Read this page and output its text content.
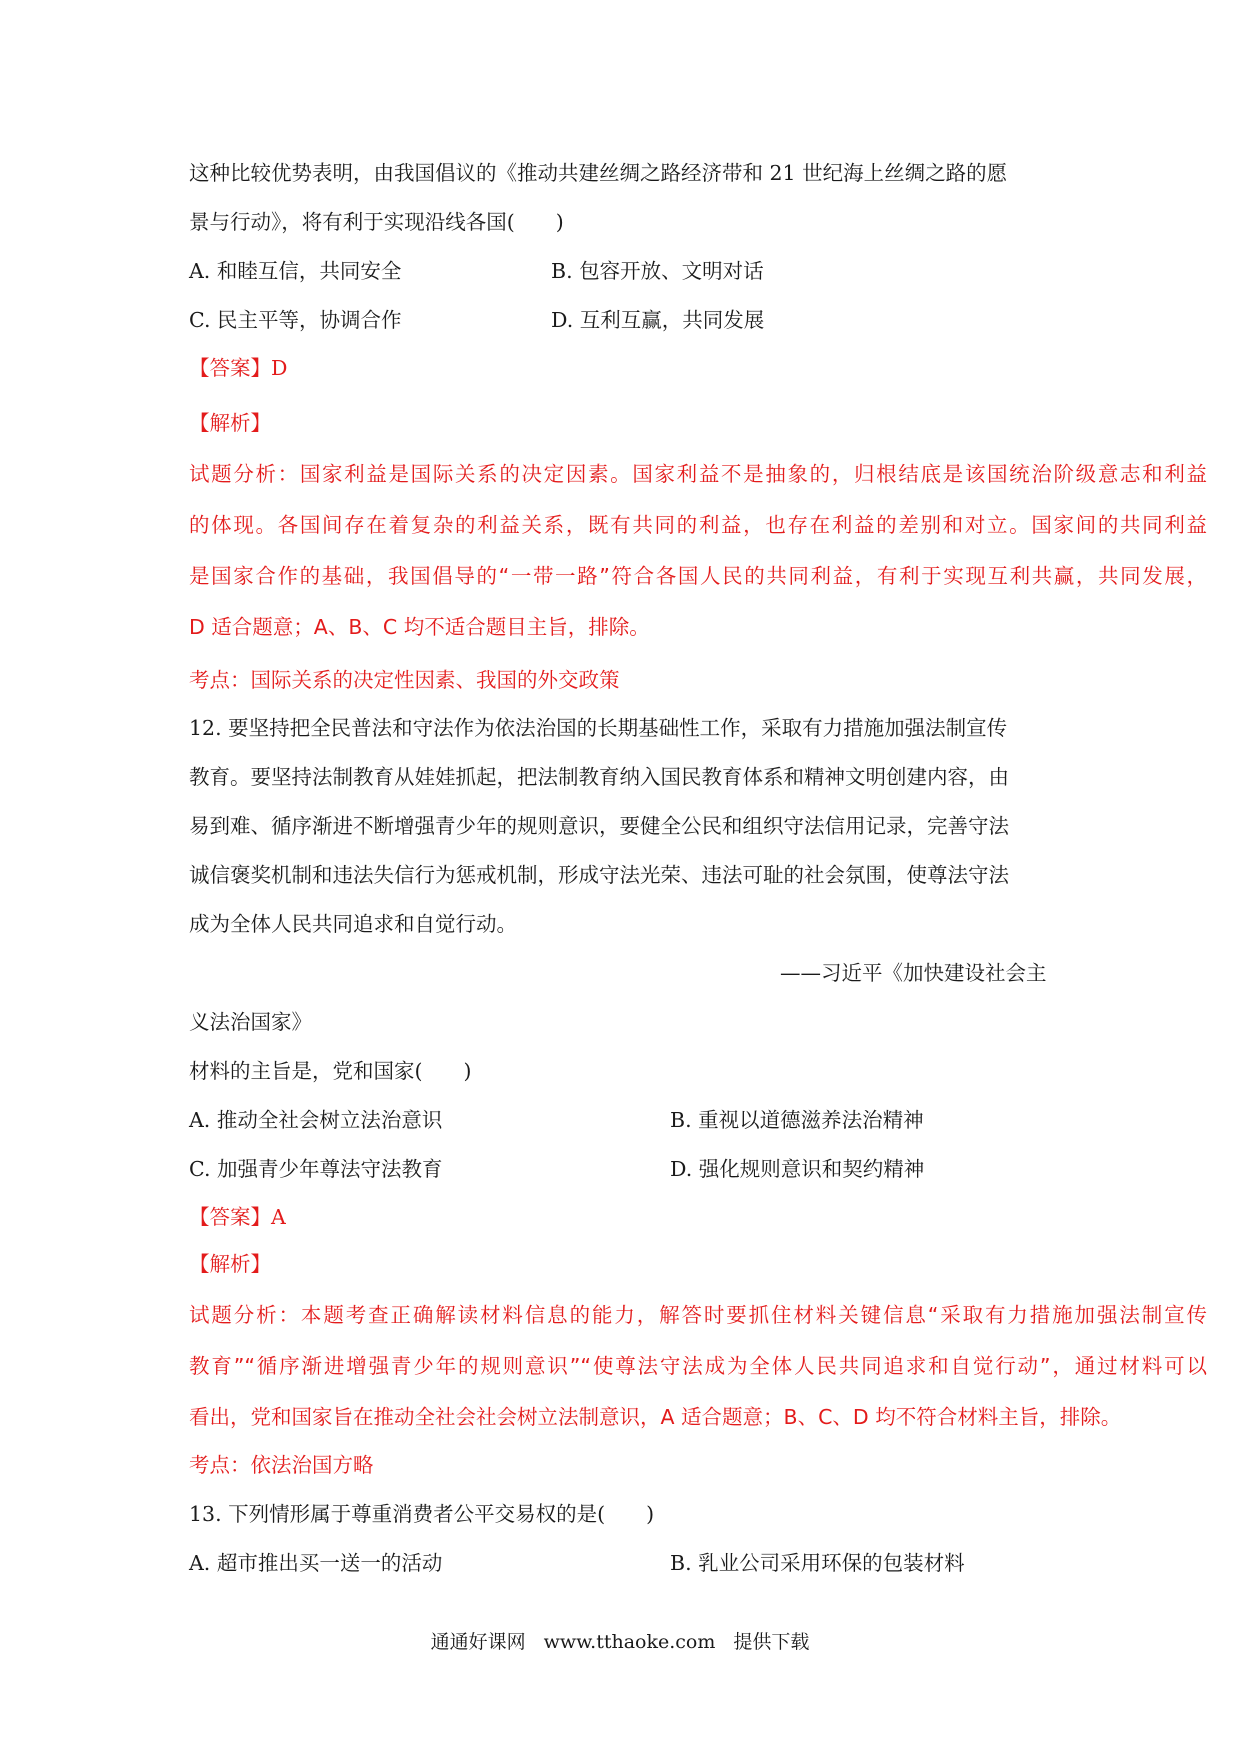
这种比较优势表明，由我国倡议的《推动共建丝绸之路经济带和 21 世纪海上丝绸之路的愿
景与行动》，将有利于实现沿线各国(　　)
A. 和睦互信，共同安全	B. 包容开放、文明对话
C. 民主平等，协调合作	D. 互利互赢，共同发展
【答案】D
【解析】
试题分析：国家利益是国际关系的决定因素。国家利益不是抽象的，归根结底是该国统治阶级意志和利益
的体现。各国间存在着复杂的利益关系，既有共同的利益，也存在利益的差别和对立。国家间的共同利益
是国家合作的基础，我国倡导的“一带一路”符合各国人民的共同利益，有利于实现互利共赢，共同发展，
D 适合题意；A、B、C 均不适合题目主旨，排除。
考点：国际关系的决定性因素、我国的外交政策
12. 要坚持把全民普法和守法作为依法治国的长期基础性工作，采取有力措施加强法制宣传
教育。要坚持法制教育从娃娃抓起，把法制教育纳入国民教育体系和精神文明创建内容，由
易到难、循序渐进不断增强青少年的规则意识，要健全公民和组织守法信用记录，完善守法
诚信褒奖机制和违法失信行为惩戒机制，形成守法光荣、违法可耻的社会氛围，使尊法守法
成为全体人民共同追求和自觉行动。
——习近平《加快建设社会主
义法治国家》
材料的主旨是，党和国家(　　)
A. 推动全社会树立法治意识	B. 重视以道德滋养法治精神
C. 加强青少年尊法守法教育	D. 强化规则意识和契约精神
【答案】A
【解析】
试题分析：本题考查正确解读材料信息的能力，解答时要抓住材料关键信息“采取有力措施加强法制宣传
教育”“循序渐进增强青少年的规则意识”“使尊法守法成为全体人民共同追求和自觉行动”，通过材料可以
看出，党和国家旨在推动全社会社会树立法制意识，A 适合题意；B、C、D 均不符合材料主旨，排除。
考点：依法治国方略
13. 下列情形属于尊重消费者公平交易权的是(　　)
A. 超市推出买一送一的活动	B. 乳业公司采用环保的包装材料
通通好课网 www.tthaoke.com 提供下载
